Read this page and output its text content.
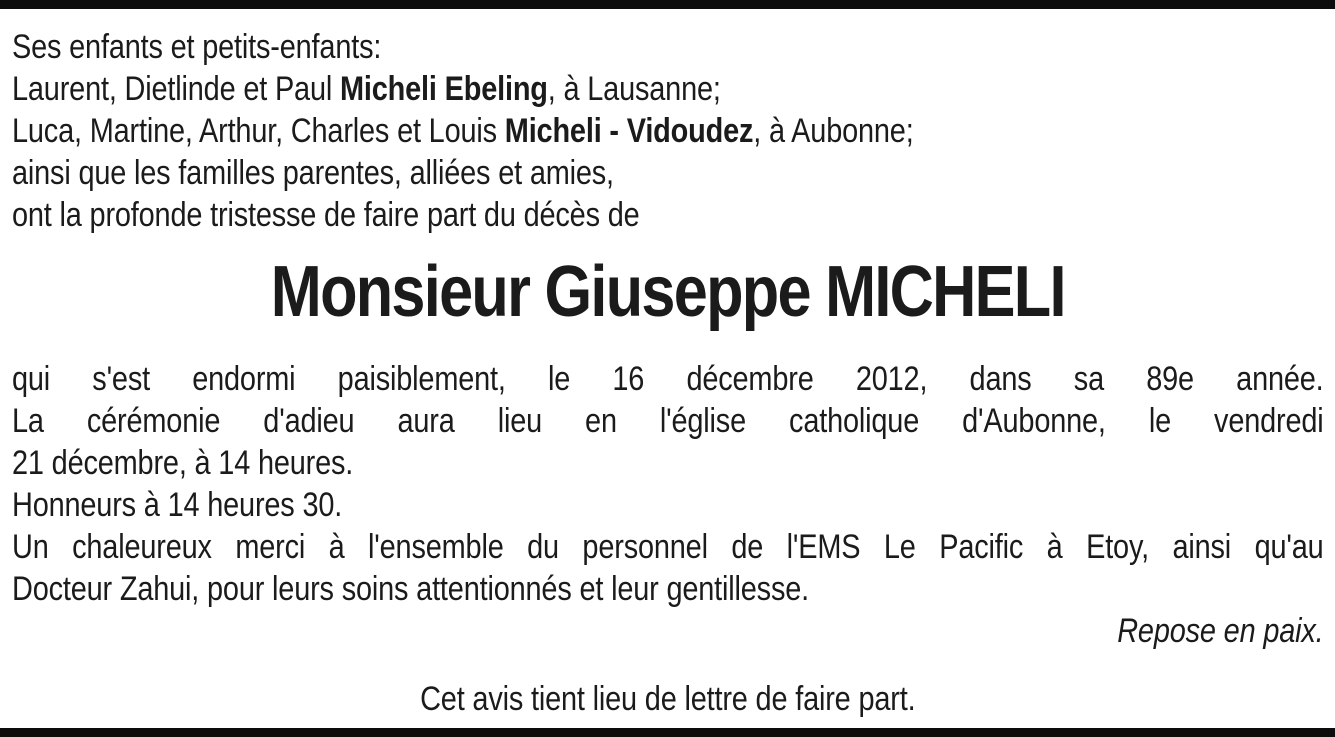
Ses enfants et petits-enfants:
Laurent, Dietlinde et Paul Micheli Ebeling, à Lausanne;
Luca, Martine, Arthur, Charles et Louis Micheli - Vidoudez, à Aubonne;
ainsi que les familles parentes, alliées et amies,
ont la profonde tristesse de faire part du décès de
Monsieur Giuseppe MICHELI
qui s'est endormi paisiblement, le 16 décembre 2012, dans sa 89e année.
La cérémonie d'adieu aura lieu en l'église catholique d'Aubonne, le vendredi
21 décembre, à 14 heures.
Honneurs à 14 heures 30.
Un chaleureux merci à l'ensemble du personnel de l'EMS Le Pacific à Etoy, ainsi qu'au
Docteur Zahui, pour leurs soins attentionnés et leur gentillesse.
Repose en paix.
Cet avis tient lieu de lettre de faire part.
